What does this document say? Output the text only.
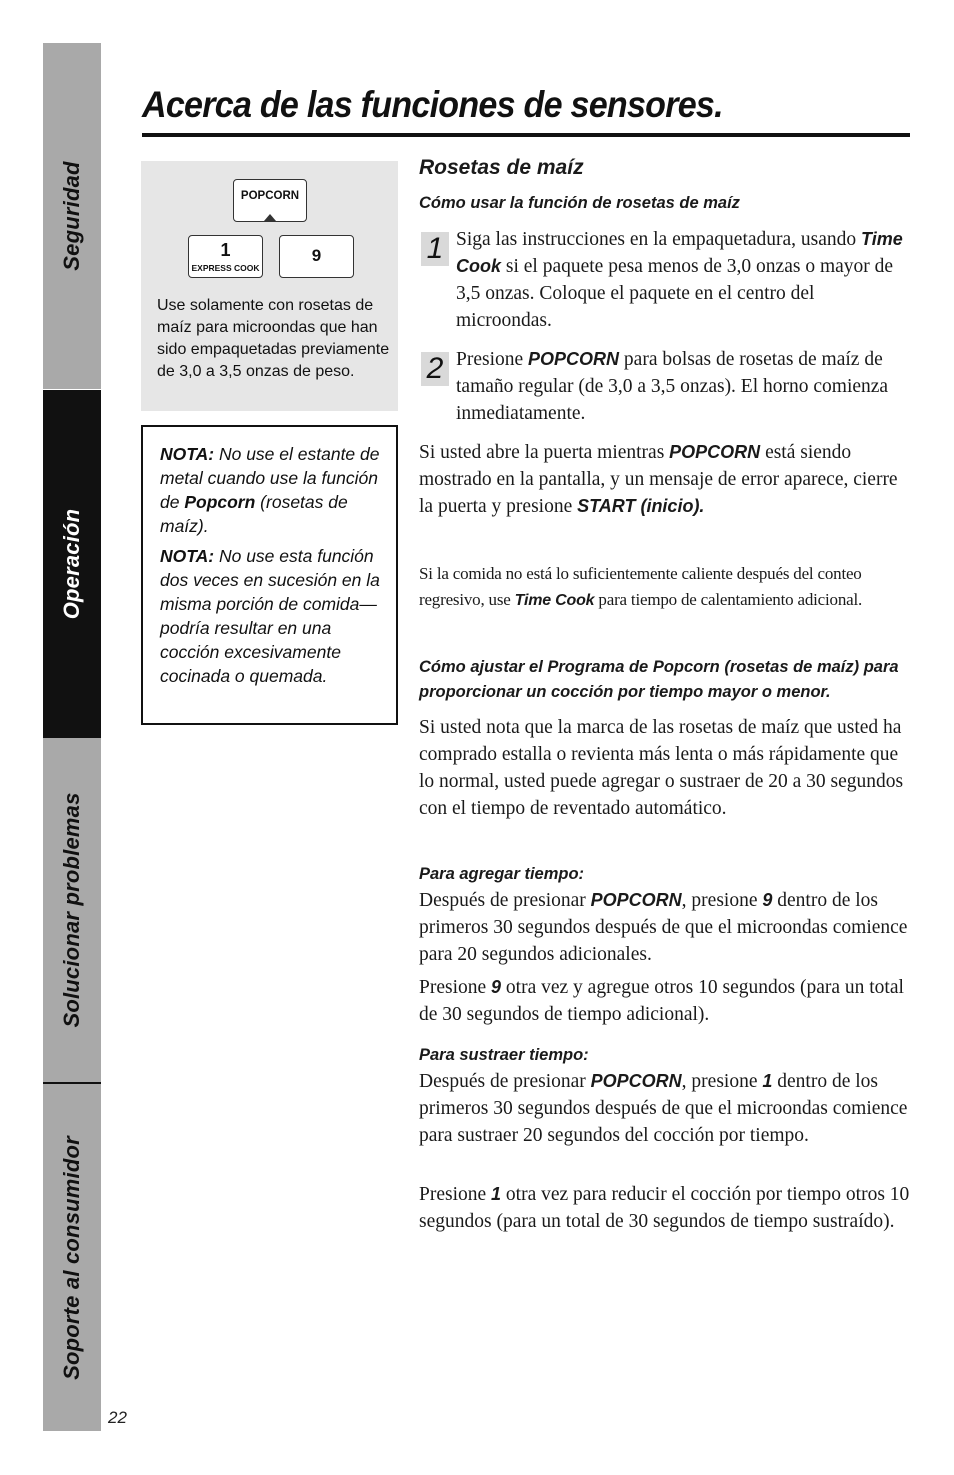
Seguridad
Operación
Solucionar problemas
Soporte al consumidor
22
Acerca de las funciones de sensores.
POPCORN
1
EXPRESS COOK
9
Use solamente con rosetas de maíz para microondas que han sido empaquetadas previamente de 3,0 a 3,5 onzas de peso.

NOTA: No use el estante de metal cuando use la función de Popcorn (rosetas de maíz).

NOTA: No use esta función dos veces en sucesión en la misma porción de comida— podría resultar en una cocción excesivamente cocinada o quemada.

Rosetas de maíz
Cómo usar la función de rosetas de maíz
1 Siga las instrucciones en la empaquetadura, usando Time Cook si el paquete pesa menos de 3,0 onzas o mayor de 3,5 onzas. Coloque el paquete en el centro del microondas.
2 Presione POPCORN para bolsas de rosetas de maíz de tamaño regular (de 3,0 a 3,5 onzas). El horno comienza inmediatamente.
Si usted abre la puerta mientras POPCORN está siendo mostrado en la pantalla, y un mensaje de error aparece, cierre la puerta y presione START (inicio).
Si la comida no está lo suficientemente caliente después del conteo regresivo, use Time Cook para tiempo de calentamiento adicional.
Cómo ajustar el Programa de Popcorn (rosetas de maíz) para proporcionar un cocción por tiempo mayor o menor.
Si usted nota que la marca de las rosetas de maíz que usted ha comprado estalla o revienta más lenta o más rápidamente que lo normal, usted puede agregar o sustraer de 20 a 30 segundos con el tiempo de reventado automático.
Para agregar tiempo:
Después de presionar POPCORN, presione 9 dentro de los primeros 30 segundos después de que el microondas comience para 20 segundos adicionales.
Presione 9 otra vez y agregue otros 10 segundos (para un total de 30 segundos de tiempo adicional).
Para sustraer tiempo:
Después de presionar POPCORN, presione 1 dentro de los primeros 30 segundos después de que el microondas comience para sustraer 20 segundos del cocción por tiempo.
Presione 1 otra vez para reducir el cocción por tiempo otros 10 segundos (para un total de 30 segundos de tiempo sustraído).
